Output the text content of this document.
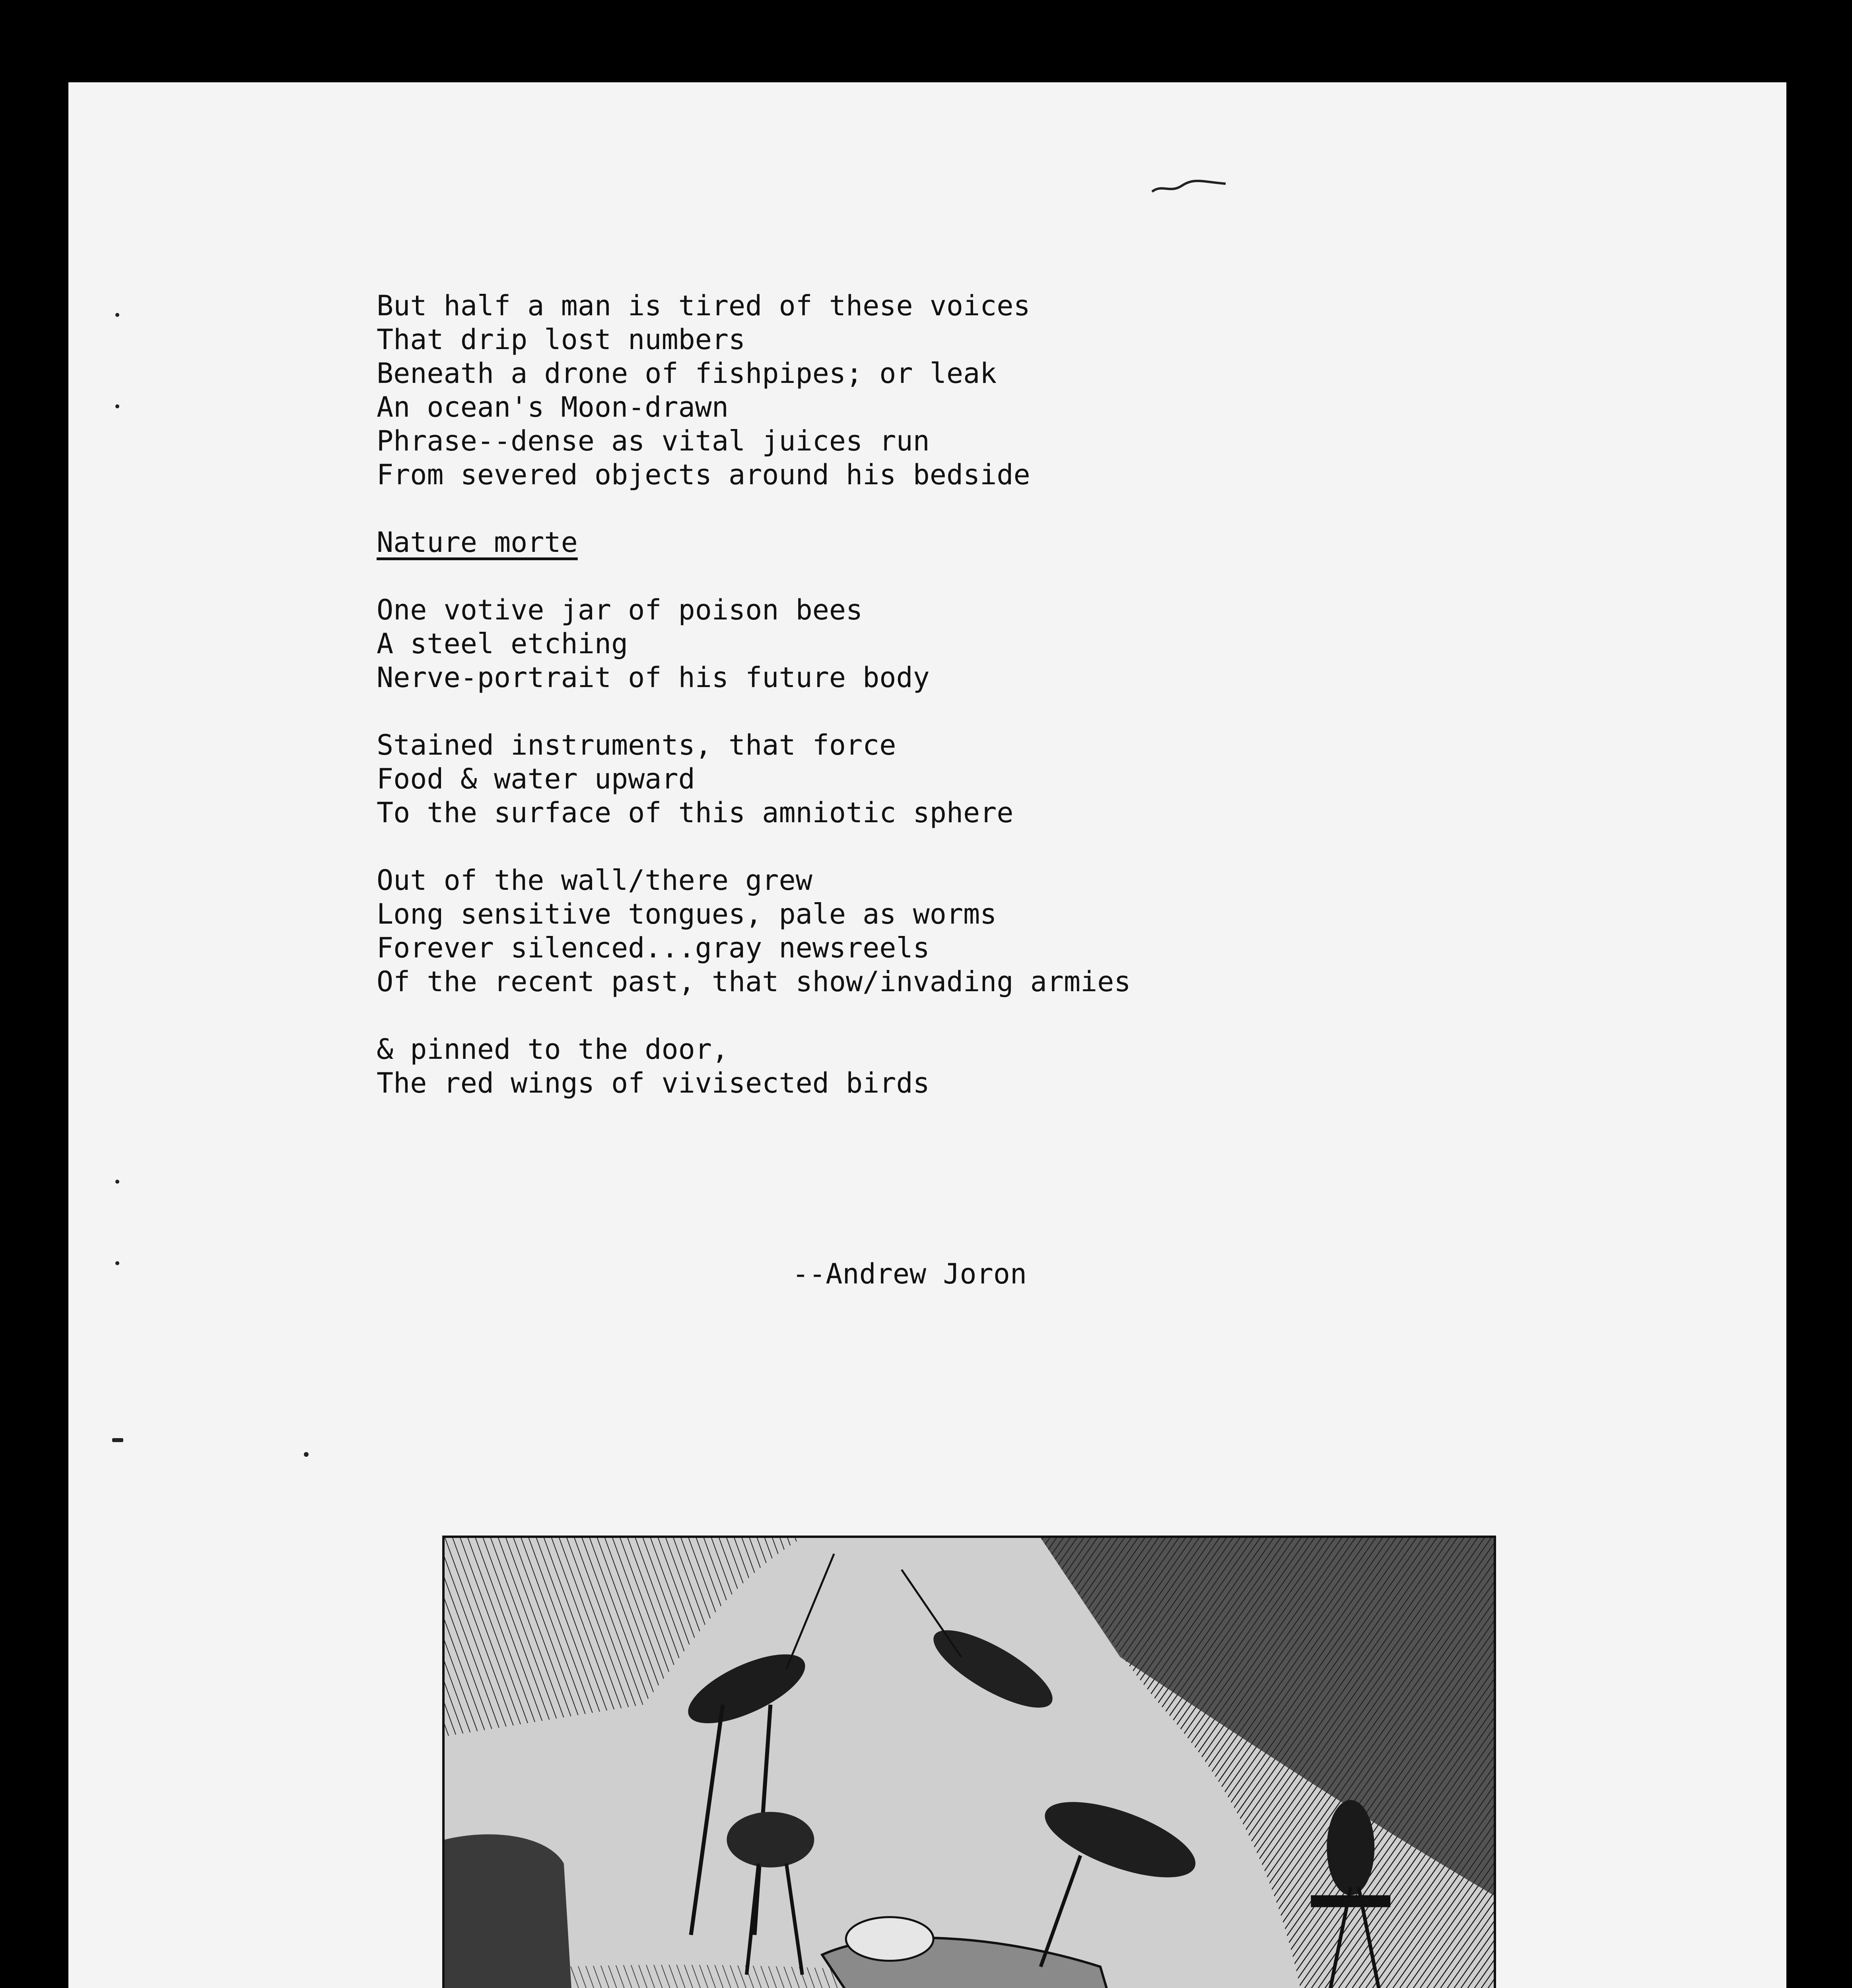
But half a man is tired of these voices
That drip lost numbers
Beneath a drone of fishpipes; or leak
An ocean's Moon-drawn
Phrase--dense as vital juices run
From severed objects around his bedside
Nature morte
One votive jar of poison bees
A steel etching
Nerve-portrait of his future body
Stained instruments, that force
Food & water upward
To the surface of this amniotic sphere
Out of the wall/there grew
Long sensitive tongues, pale as worms
Forever silenced...gray newsreels
Of the recent past, that show/invading armies
& pinned to the door,
The red wings of vivisected birds
--Andrew Joron
